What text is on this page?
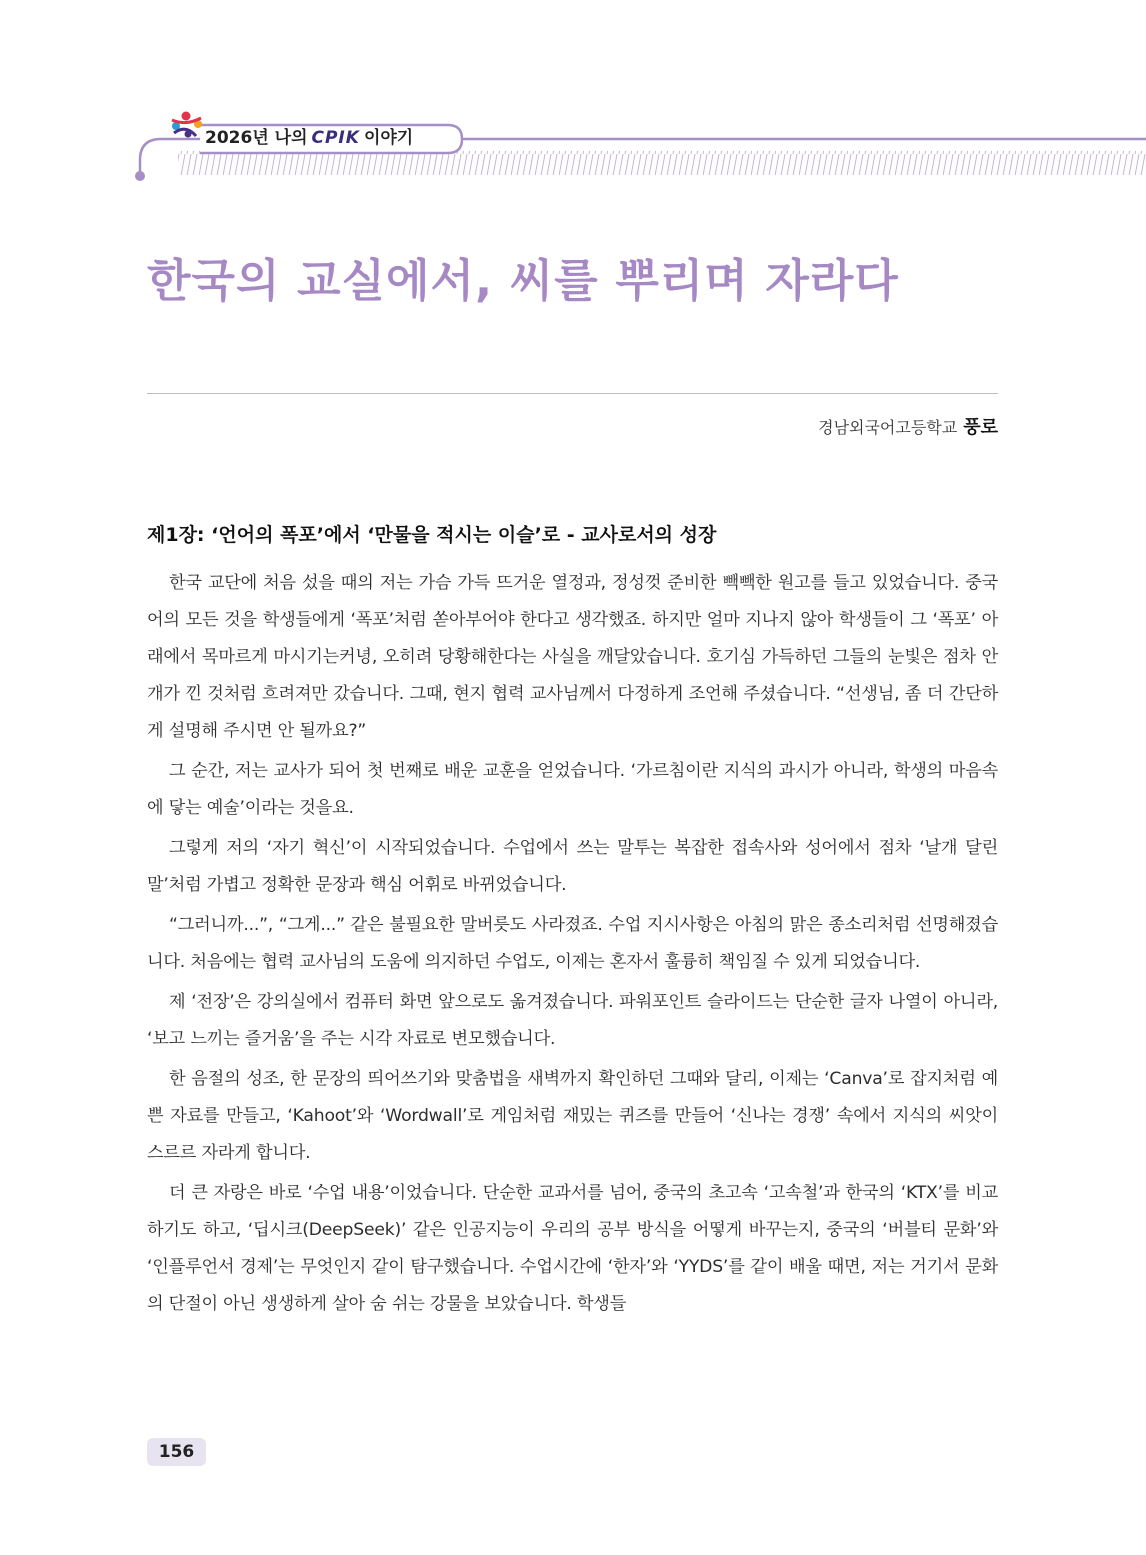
2026년 나의 CPIK 이야기
한국의 교실에서, 씨를 뿌리며 자라다
경남외국어고등학교 풍로
제1장: ‘언어의 폭포’에서 ‘만물을 적시는 이슬’로 - 교사로서의 성장

한국 교단에 처음 섰을 때의 저는 가슴 가득 뜨거운 열정과, 정성껏 준비한 빽빽한 원고를 들고 있었습니다. 중국어의 모든 것을 학생들에게 ‘폭포’처럼 쏟아부어야 한다고 생각했죠. 하지만 얼마 지나지 않아 학생들이 그 ‘폭포’ 아래에서 목마르게 마시기는커녕, 오히려 당황해한다는 사실을 깨달았습니다. 호기심 가득하던 그들의 눈빛은 점차 안개가 낀 것처럼 흐려져만 갔습니다. 그때, 현지 협력 교사님께서 다정하게 조언해 주셨습니다. “선생님, 좀 더 간단하게 설명해 주시면 안 될까요?”

그 순간, 저는 교사가 되어 첫 번째로 배운 교훈을 얻었습니다. ‘가르침이란 지식의 과시가 아니라, 학생의 마음속에 닿는 예술’이라는 것을요.

그렇게 저의 ‘자기 혁신’이 시작되었습니다. 수업에서 쓰는 말투는 복잡한 접속사와 성어에서 점차 ‘날개 달린 말’처럼 가볍고 정확한 문장과 핵심 어휘로 바뀌었습니다.

“그러니까...”, “그게...” 같은 불필요한 말버릇도 사라졌죠. 수업 지시사항은 아침의 맑은 종소리처럼 선명해졌습니다. 처음에는 협력 교사님의 도움에 의지하던 수업도, 이제는 혼자서 훌륭히 책임질 수 있게 되었습니다.

제 ‘전장’은 강의실에서 컴퓨터 화면 앞으로도 옮겨졌습니다. 파워포인트 슬라이드는 단순한 글자 나열이 아니라, ‘보고 느끼는 즐거움’을 주는 시각 자료로 변모했습니다.

한 음절의 성조, 한 문장의 띄어쓰기와 맞춤법을 새벽까지 확인하던 그때와 달리, 이제는 ‘Canva’로 잡지처럼 예쁜 자료를 만들고, ‘Kahoot’와 ‘Wordwall’로 게임처럼 재밌는 퀴즈를 만들어 ‘신나는 경쟁’ 속에서 지식의 씨앗이 스르르 자라게 합니다.

더 큰 자랑은 바로 ‘수업 내용’이었습니다. 단순한 교과서를 넘어, 중국의 초고속 ‘고속철’과 한국의 ‘KTX’를 비교하기도 하고, ‘딥시크(DeepSeek)’ 같은 인공지능이 우리의 공부 방식을 어떻게 바꾸는지, 중국의 ‘버블티 문화’와 ‘인플루언서 경제’는 무엇인지 같이 탐구했습니다. 수업시간에 ‘한자’와 ‘YYDS’를 같이 배울 때면, 저는 거기서 문화의 단절이 아닌 생생하게 살아 숨 쉬는 강물을 보았습니다. 학생들

156
